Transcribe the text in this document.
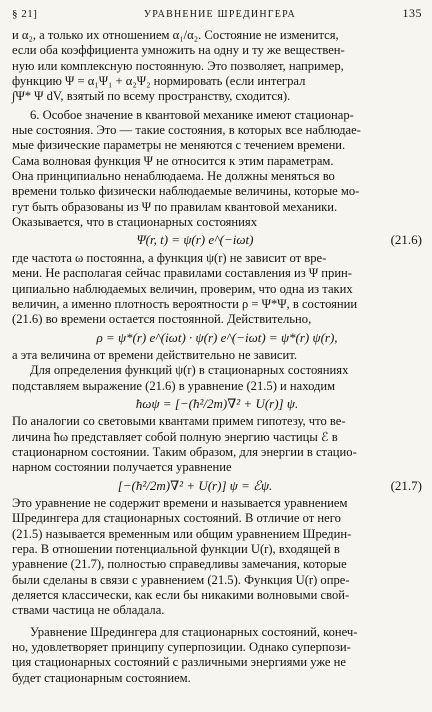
§ 21]	УРАВНЕНИЕ ШРЕДИНГЕРА	135
и α₂, а только их отношением α₁/α₂. Состояние не изменится,
если оба коэффициента умножить на одну и ту же веществен-
ную или комплексную постоянную. Это позволяет, например,
функцию Ψ = α₁Ψ₁ + α₂Ψ₂ нормировать (если интеграл
∫Ψ* Ψ dV, взятый по всему пространству, сходится).
6. Особое значение в квантовой механике имеют стационар-
ные состояния. Это — такие состояния, в которых все наблюдае-
мые физические параметры не меняются с течением времени.
Сама волновая функция Ψ не относится к этим параметрам.
Она принципиально ненаблюдаема. Не должны меняться во
времени только физически наблюдаемые величины, которые мо-
гут быть образованы из Ψ по правилам квантовой механики.
Оказывается, что в стационарных состояниях
Ψ(r, t) = ψ(r) e^(−iωt)	(21.6)
где частота ω постоянна, а функция ψ(r) не зависит от вре-
мени. Не располагая сейчас правилами составления из Ψ прин-
ципиально наблюдаемых величин, проверим, что одна из таких
величин, а именно плотность вероятности ρ = Ψ*Ψ, в состоянии
(21.6) во времени остается постоянной. Действительно,
ρ = ψ*(r) e^(iωt) · ψ(r) e^(−iωt) = ψ*(r) ψ(r),
а эта величина от времени действительно не зависит.
Для определения функций ψ(r) в стационарных состояниях
подставляем выражение (21.6) в уравнение (21.5) и находим
ħωψ = [−(ħ²/2m)∇² + U(r)] ψ.
По аналогии со световыми квантами примем гипотезу, что ве-
личина ħω представляет собой полную энергию частицы ℰ в
стационарном состоянии. Таким образом, для энергии в стацио-
нарном состоянии получается уравнение
[−(ħ²/2m)∇² + U(r)] ψ = ℰψ.	(21.7)
Это уравнение не содержит времени и называется уравнением
Шредингера для стационарных состояний. В отличие от него
(21.5) называется временным или общим уравнением Шредин-
гера. В отношении потенциальной функции U(r), входящей в
уравнение (21.7), полностью справедливы замечания, которые
были сделаны в связи с уравнением (21.5). Функция U(r) опре-
деляется классически, как если бы никакими волновыми свой-
ствами частица не обладала.
Уравнение Шредингера для стационарных состояний, конеч-
но, удовлетворяет принципу суперпозиции. Однако суперпози-
ция стационарных состояний с различными энергиями уже не
будет стационарным состоянием.
